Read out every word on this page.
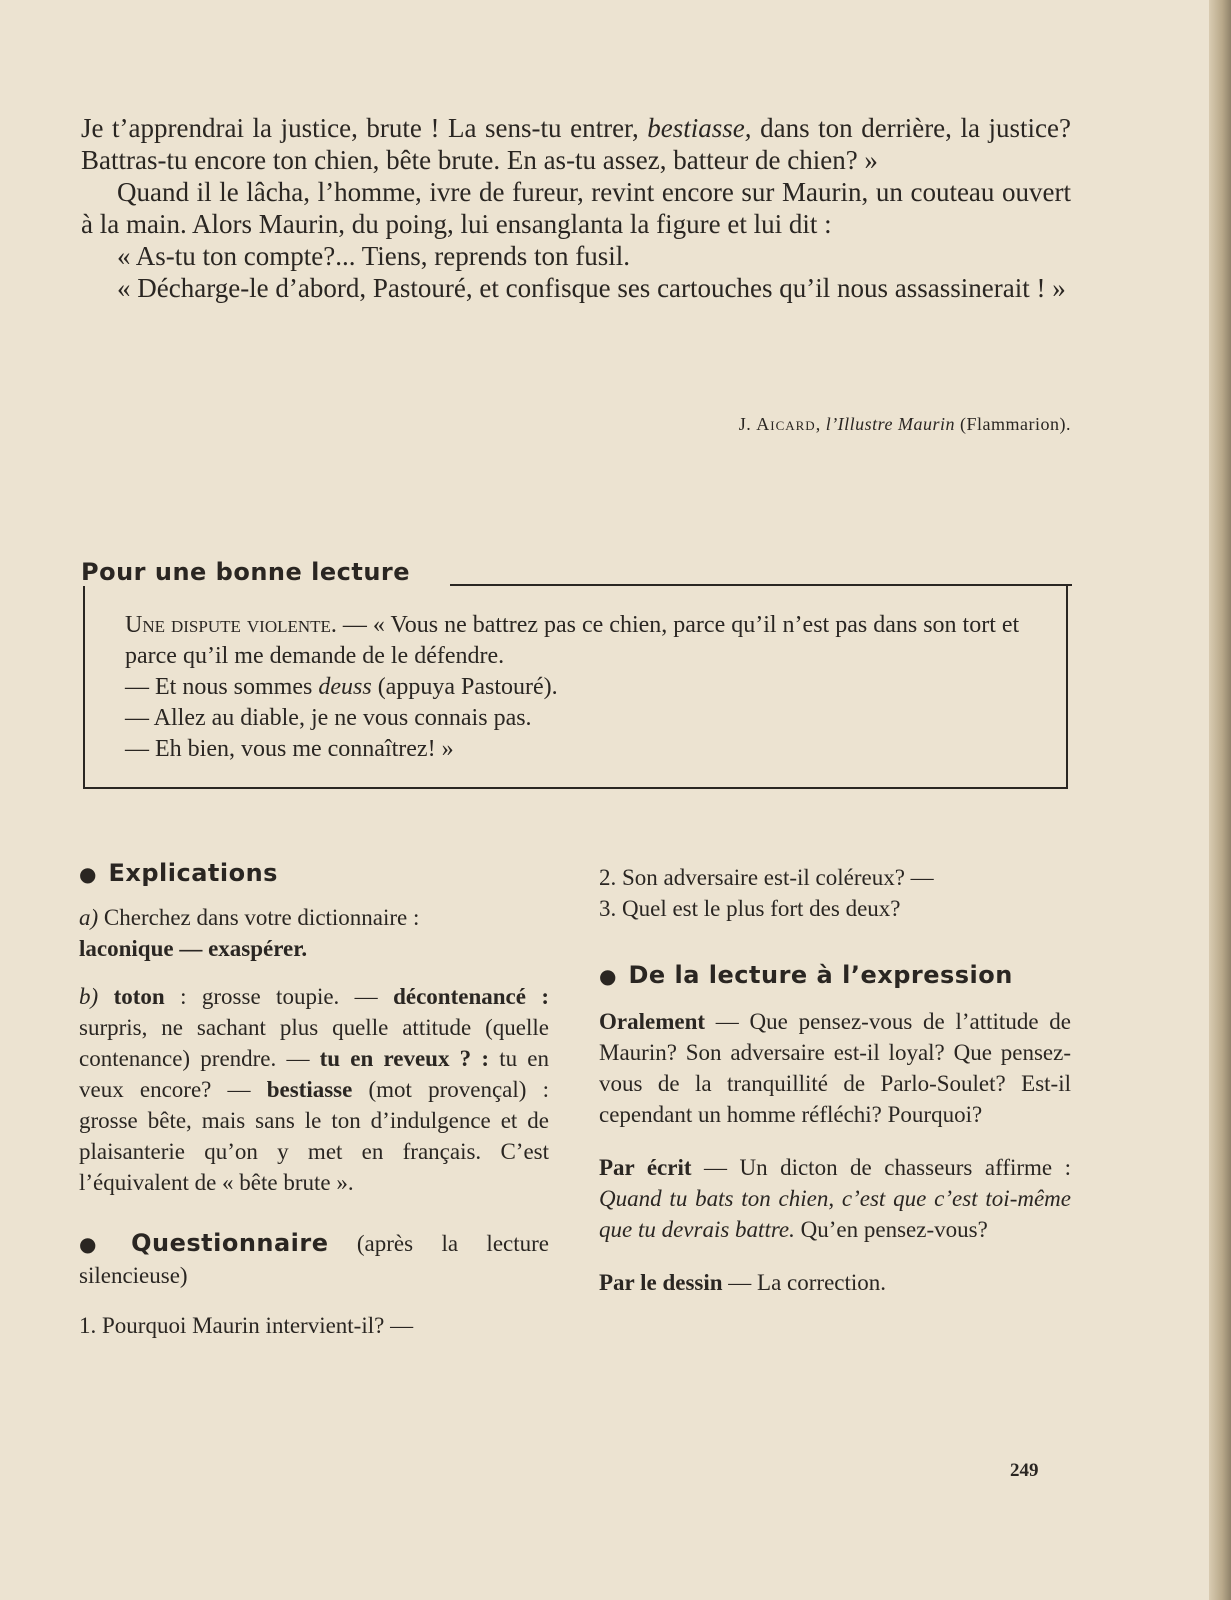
Je t’apprendrai la justice, brute ! La sens-tu entrer, bestiasse, dans ton derrière, la justice? Battras-tu encore ton chien, bête brute. En as-tu assez, batteur de chien? »

Quand il le lâcha, l’homme, ivre de fureur, revint encore sur Maurin, un couteau ouvert à la main. Alors Maurin, du poing, lui ensanglanta la figure et lui dit :

« As-tu ton compte?... Tiens, reprends ton fusil.

« Décharge-le d’abord, Pastouré, et confisque ses cartouches qu’il nous assassinerait ! »

J. Aicard, l’Illustre Maurin (Flammarion).
Pour une bonne lecture

Une dispute violente. — « Vous ne battrez pas ce chien, parce qu’il n’est pas dans son tort et parce qu’il me demande de le défendre.

— Et nous sommes deuss (appuya Pastouré).

— Allez au diable, je ne vous connais pas.

— Eh bien, vous me connaîtrez! »

● Explications

a) Cherchez dans votre dictionnaire :
laconique — exaspérer.

b) toton : grosse toupie. — décontenancé : surpris, ne sachant plus quelle attitude (quelle contenance) prendre. — tu en reveux ? : tu en veux encore? — bestiasse (mot provençal) : grosse bête, mais sans le ton d’indulgence et de plaisanterie qu’on y met en français. C’est l’équivalent de « bête brute ».

● Questionnaire (après la lecture silencieuse)

1. Pourquoi Maurin intervient-il? —

2. Son adversaire est-il coléreux? —

3. Quel est le plus fort des deux?

● De la lecture à l’expression

Oralement — Que pensez-vous de l’attitude de Maurin? Son adversaire est-il loyal? Que pensez-vous de la tranquillité de Parlo-Soulet? Est-il cependant un homme réfléchi? Pourquoi?

Par écrit — Un dicton de chasseurs affirme : Quand tu bats ton chien, c’est que c’est toi-même que tu devrais battre. Qu’en pensez-vous?

Par le dessin — La correction.

249
